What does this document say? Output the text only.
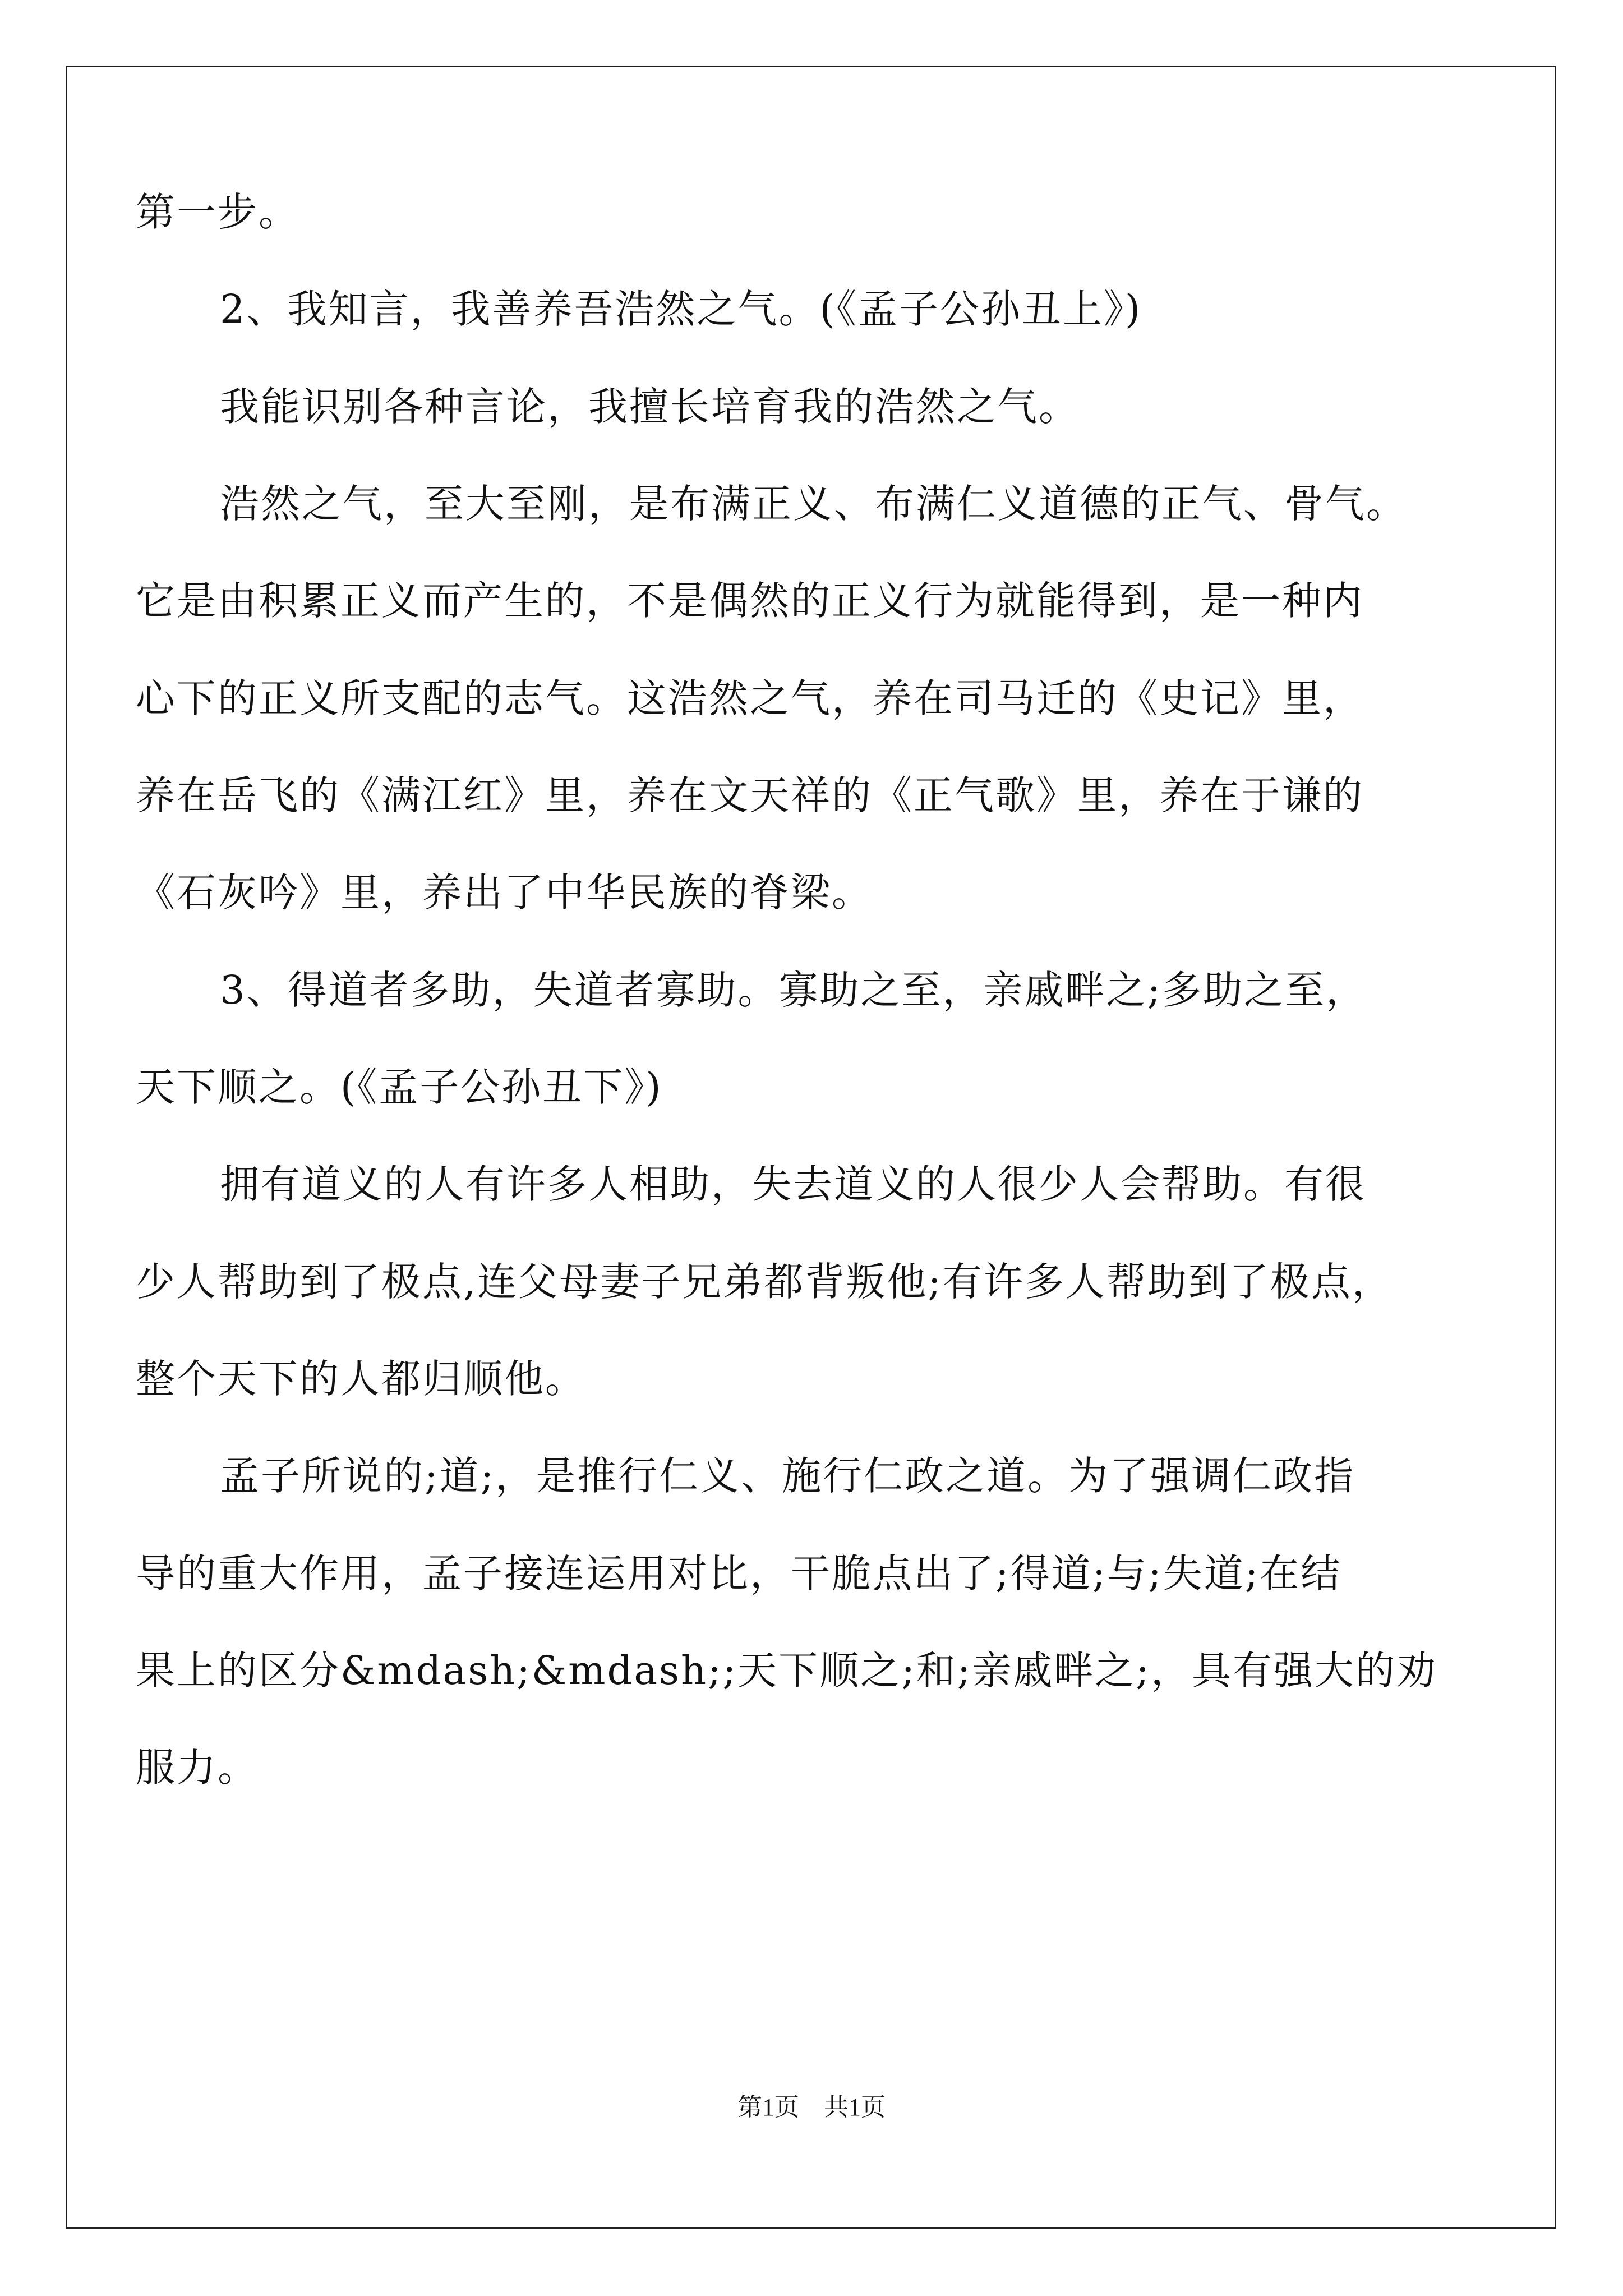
第一步。
2、我知言，我善养吾浩然之气。(《孟子公孙丑上》)
我能识别各种言论，我擅长培育我的浩然之气。
浩然之气，至大至刚，是布满正义、布满仁义道德的正气、骨气。
它是由积累正义而产生的，不是偶然的正义行为就能得到，是一种内
心下的正义所支配的志气。这浩然之气，养在司马迁的《史记》里，
养在岳飞的《满江红》里，养在文天祥的《正气歌》里，养在于谦的
《石灰吟》里，养出了中华民族的脊梁。
3、得道者多助，失道者寡助。寡助之至，亲戚畔之;多助之至，
天下顺之。(《孟子公孙丑下》)
拥有道义的人有许多人相助，失去道义的人很少人会帮助。有很
少人帮助到了极点,连父母妻子兄弟都背叛他;有许多人帮助到了极点，
整个天下的人都归顺他。
孟子所说的;道;，是推行仁义、施行仁政之道。为了强调仁政指
导的重大作用，孟子接连运用对比，干脆点出了;得道;与;失道;在结
果上的区分&mdash;&mdash;;天下顺之;和;亲戚畔之;，具有强大的劝
服力。
第1页　共1页
